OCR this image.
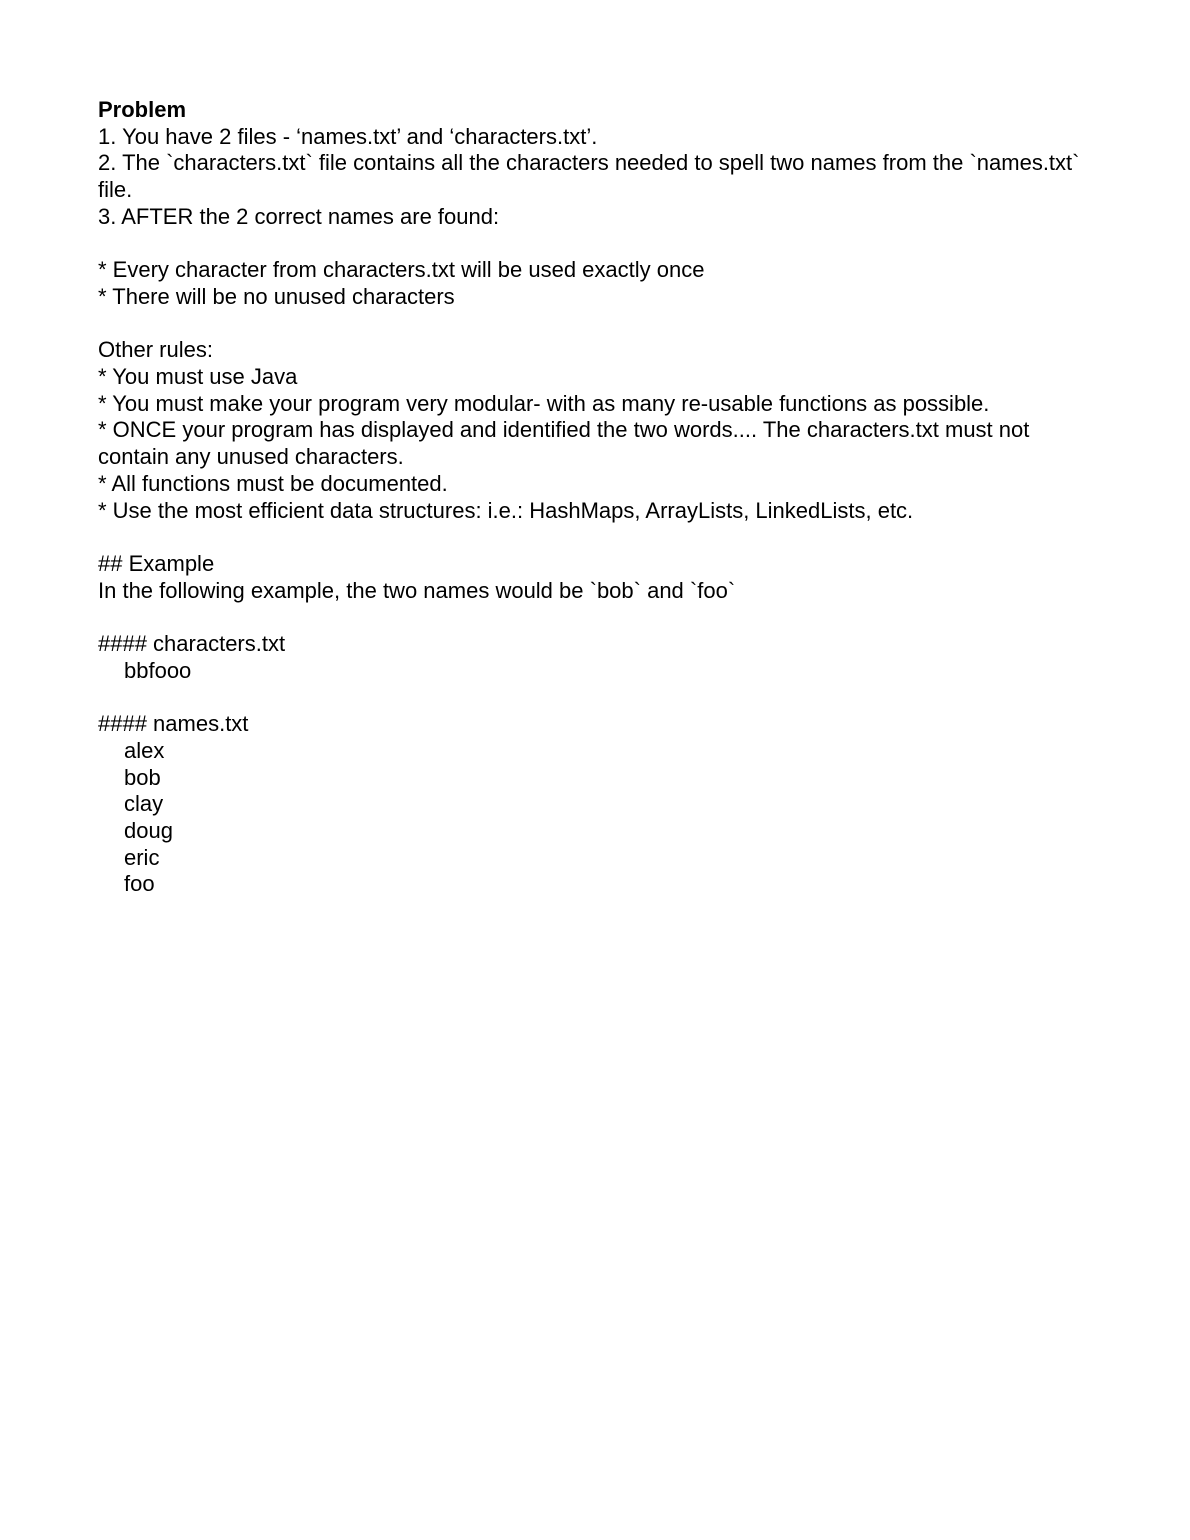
Problem

1. You have 2 files - ‘names.txt’ and ‘characters.txt’.

2. The `characters.txt` file contains all the characters needed to spell two names from the `names.txt` file.

3. AFTER the 2 correct names are found:

* Every character from characters.txt will be used exactly once

* There will be no unused characters

Other rules:

* You must use Java

* You must make your program very modular- with as many re-usable functions as possible.

* ONCE your program has displayed and identified the two words.... The characters.txt must not contain any unused characters.

* All functions must be documented.

* Use the most efficient data structures: i.e.: HashMaps, ArrayLists, LinkedLists, etc.

## Example

In the following example, the two names would be `bob` and `foo`

#### characters.txt

bbfooo

#### names.txt

alex

bob

clay

doug

eric

foo
